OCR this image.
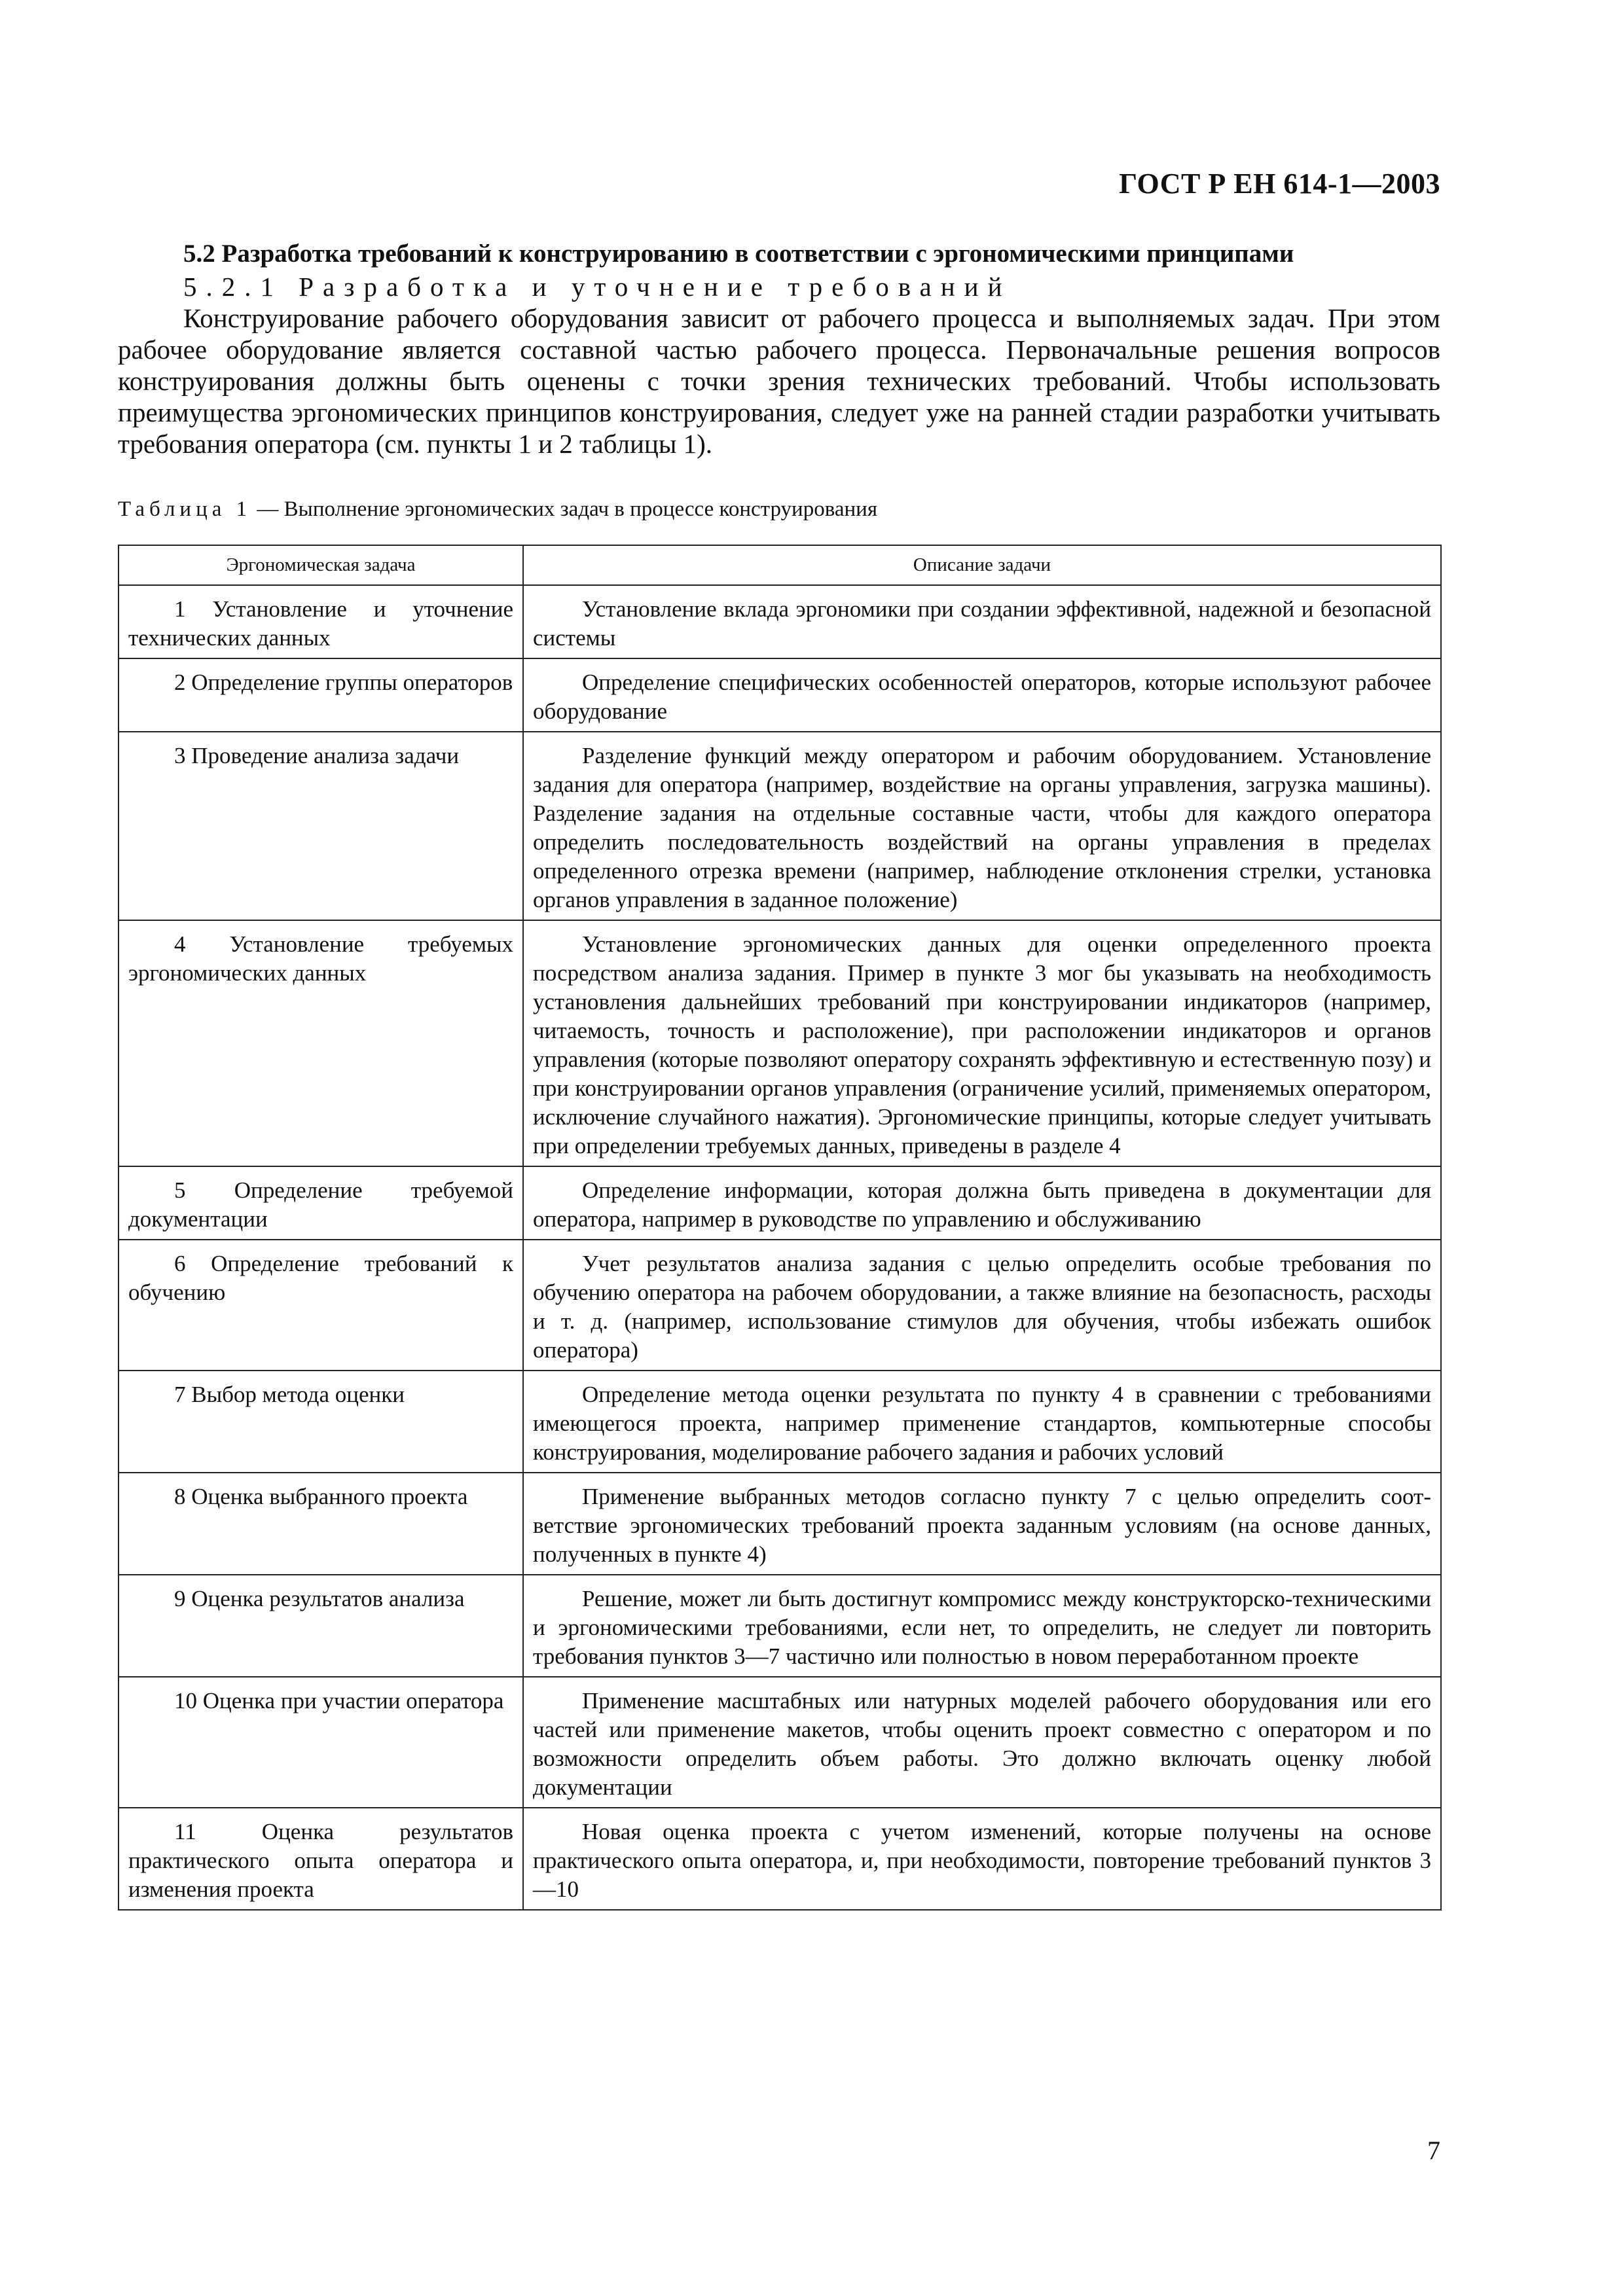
ГОСТ Р ЕН 614-1—2003
5.2 Разработка требований к конструированию в соответствии с эргономическими принципами
5.2.1 Разработка и уточнение требований

Конструирование рабочего оборудования зависит от рабочего процесса и выполняемых задач. При этом рабочее оборудование является составной частью рабочего процесса. Первоначальные решения вопросов конструирования должны быть оценены с точки зрения технических требований. Чтобы использовать преимущества эргономических принципов конструирования, следует уже на ранней стадии разработки учитывать требования оператора (см. пункты 1 и 2 таблицы 1).

Таблица 1 — Выполнение эргономических задач в процессе конструирования
Эргономическая задача	Описание задачи
1 Установление и уточнение технических данных	Установление вклада эргономики при создании эффективной, надежной и безопасной системы
2 Определение группы операторов	Определение специфических особенностей операторов, которые используют рабочее оборудование
3 Проведение анализа задачи	Разделение функций между оператором и рабочим оборудованием. Установление задания для оператора (например, воздействие на органы управления, загрузка машины). Разделение задания на отдельные составные части, чтобы для каждого оператора определить последовательность воздействий на органы управления в пределах определенного отрезка времени (например, наблюдение отклонения стрелки, установка органов управления в заданное положение)
4 Установление требуемых эргономических данных	Установление эргономических данных для оценки определенного проекта посредством анализа задания. Пример в пункте 3 мог бы указывать на необходимость установления дальнейших требований при конструировании индикаторов (например, читаемость, точность и расположение), при расположении индикаторов и органов управления (которые позволяют оператору сохранять эффективную и естественную позу) и при конструировании органов управления (ограничение усилий, применяемых оператором, исключение случайного нажатия). Эргономические принципы, которые следует учитывать при определении требуемых данных, приведены в разделе 4
5 Определение требуемой документации	Определение информации, которая должна быть приведена в документации для оператора, например в руководстве по управлению и обслуживанию
6 Определение требований к обучению	Учет результатов анализа задания с целью определить особые требования по обучению оператора на рабочем оборудовании, а также влияние на безопасность, расходы и т. д. (например, использование стимулов для обучения, чтобы избежать ошибок оператора)
7 Выбор метода оценки	Определение метода оценки результата по пункту 4 в сравнении с требованиями имеющегося проекта, например применение стандартов, компьютерные способы конструирования, моделирование рабочего задания и рабочих условий
8 Оценка выбранного проекта	Применение выбранных методов согласно пункту 7 с целью определить соот- ветствие эргономических требований проекта заданным условиям (на основе данных, полученных в пункте 4)
9 Оценка результатов анализа	Решение, может ли быть достигнут компромисс между конструкторско-техническими и эргономическими требованиями, если нет, то определить, не следует ли повторить требования пунктов 3—7 частично или полностью в новом переработанном проекте
10 Оценка при участии оператора	Применение масштабных или натурных моделей рабочего оборудования или его частей или применение макетов, чтобы оценить проект совместно с оператором и по возможности определить объем работы. Это должно включать оценку любой документации
11 Оценка результатов практического опыта оператора и изменения проекта	Новая оценка проекта с учетом изменений, которые получены на основе практического опыта оператора, и, при необходимости, повторение требований пунктов 3—10
7
